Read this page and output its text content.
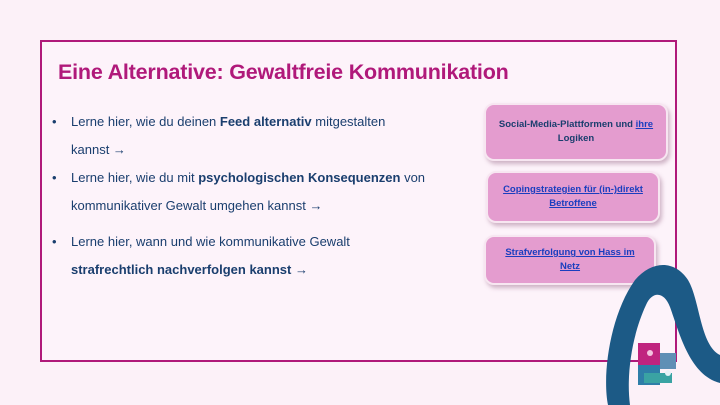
Eine Alternative: Gewaltfreie Kommunikation
•	Lerne hier, wie du deinen Feed alternativ mitgestalten
kannst →
•	Lerne hier, wie du mit psychologischen Konsequenzen von
kommunikativer Gewalt umgehen kannst →
•	Lerne hier, wann und wie kommunikative Gewalt
strafrechtlich nachverfolgen kannst →
Social-Media-Plattformen und ihre Logiken
Copingstrategien für (in-)direkt Betroffene
Strafverfolgung von Hass im Netz
